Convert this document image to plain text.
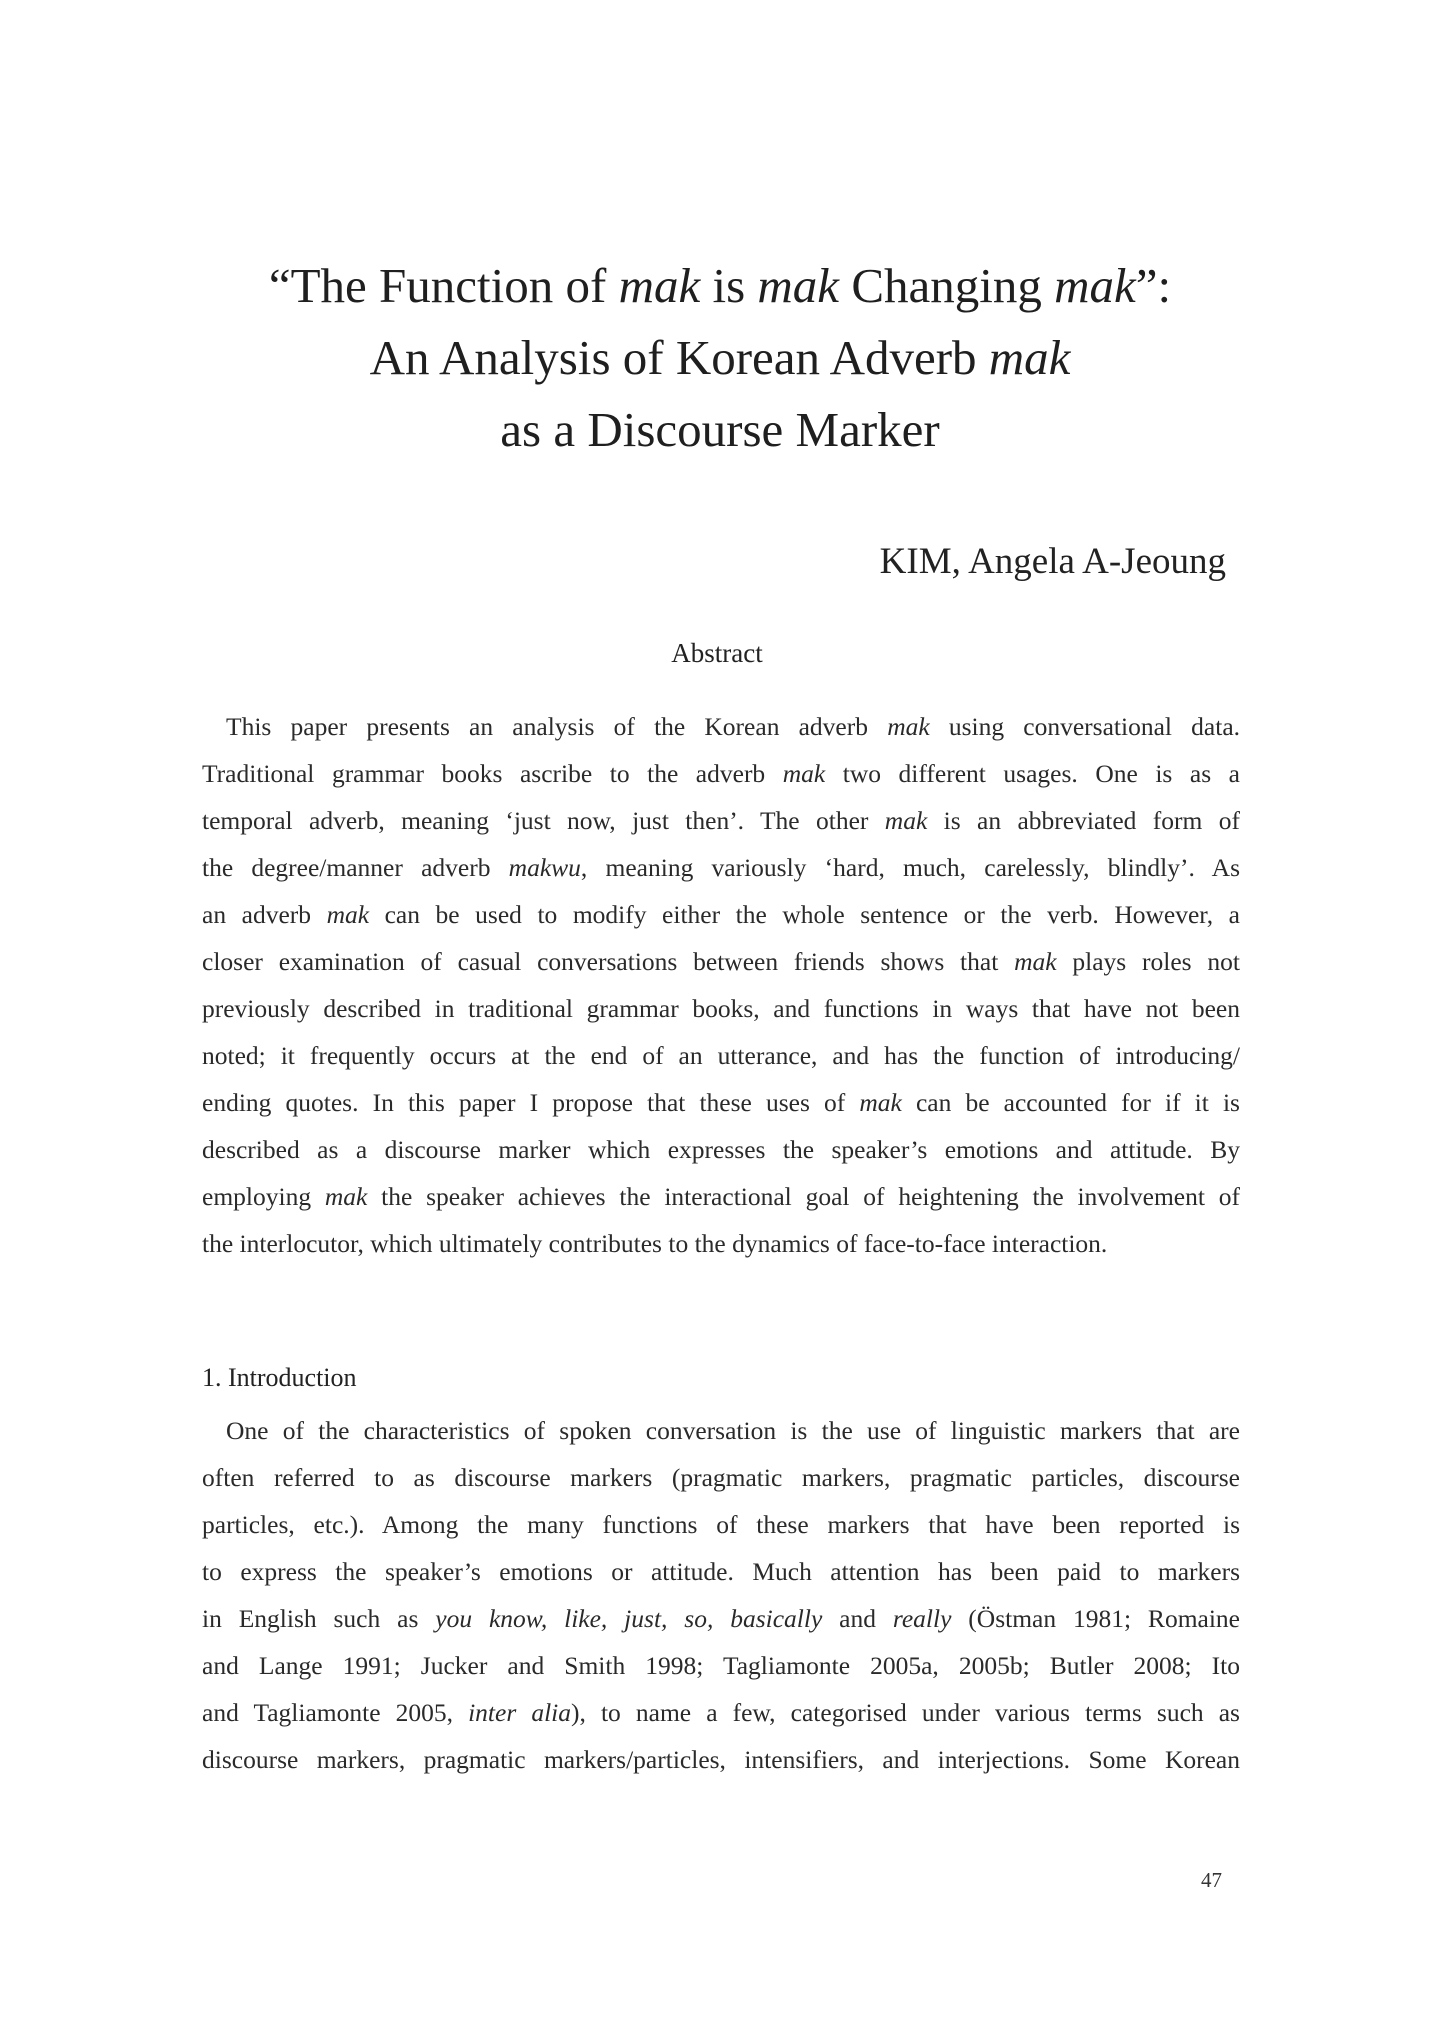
“The Function of mak is mak Changing mak”:
An Analysis of Korean Adverb mak
as a Discourse Marker
KIM, Angela A-Jeoung
Abstract
This paper presents an analysis of the Korean adverb mak using conversational data.
Traditional grammar books ascribe to the adverb mak two different usages. One is as a
temporal adverb, meaning ‘just now, just then’. The other mak is an abbreviated form of
the degree/manner adverb makwu, meaning variously ‘hard, much, carelessly, blindly’. As
an adverb mak can be used to modify either the whole sentence or the verb. However, a
closer examination of casual conversations between friends shows that mak plays roles not
previously described in traditional grammar books, and functions in ways that have not been
noted; it frequently occurs at the end of an utterance, and has the function of introducing/
ending quotes. In this paper I propose that these uses of mak can be accounted for if it is
described as a discourse marker which expresses the speaker’s emotions and attitude. By
employing mak the speaker achieves the interactional goal of heightening the involvement of
the interlocutor, which ultimately contributes to the dynamics of face-to-face interaction.
1. Introduction
One of the characteristics of spoken conversation is the use of linguistic markers that are
often referred to as discourse markers (pragmatic markers, pragmatic particles, discourse
particles, etc.). Among the many functions of these markers that have been reported is
to express the speaker’s emotions or attitude. Much attention has been paid to markers
in English such as you know, like, just, so, basically and really (Östman 1981; Romaine
and Lange 1991; Jucker and Smith 1998; Tagliamonte 2005a, 2005b; Butler 2008; Ito
and Tagliamonte 2005, inter alia), to name a few, categorised under various terms such as
discourse markers, pragmatic markers/particles, intensifiers, and interjections. Some Korean
47
